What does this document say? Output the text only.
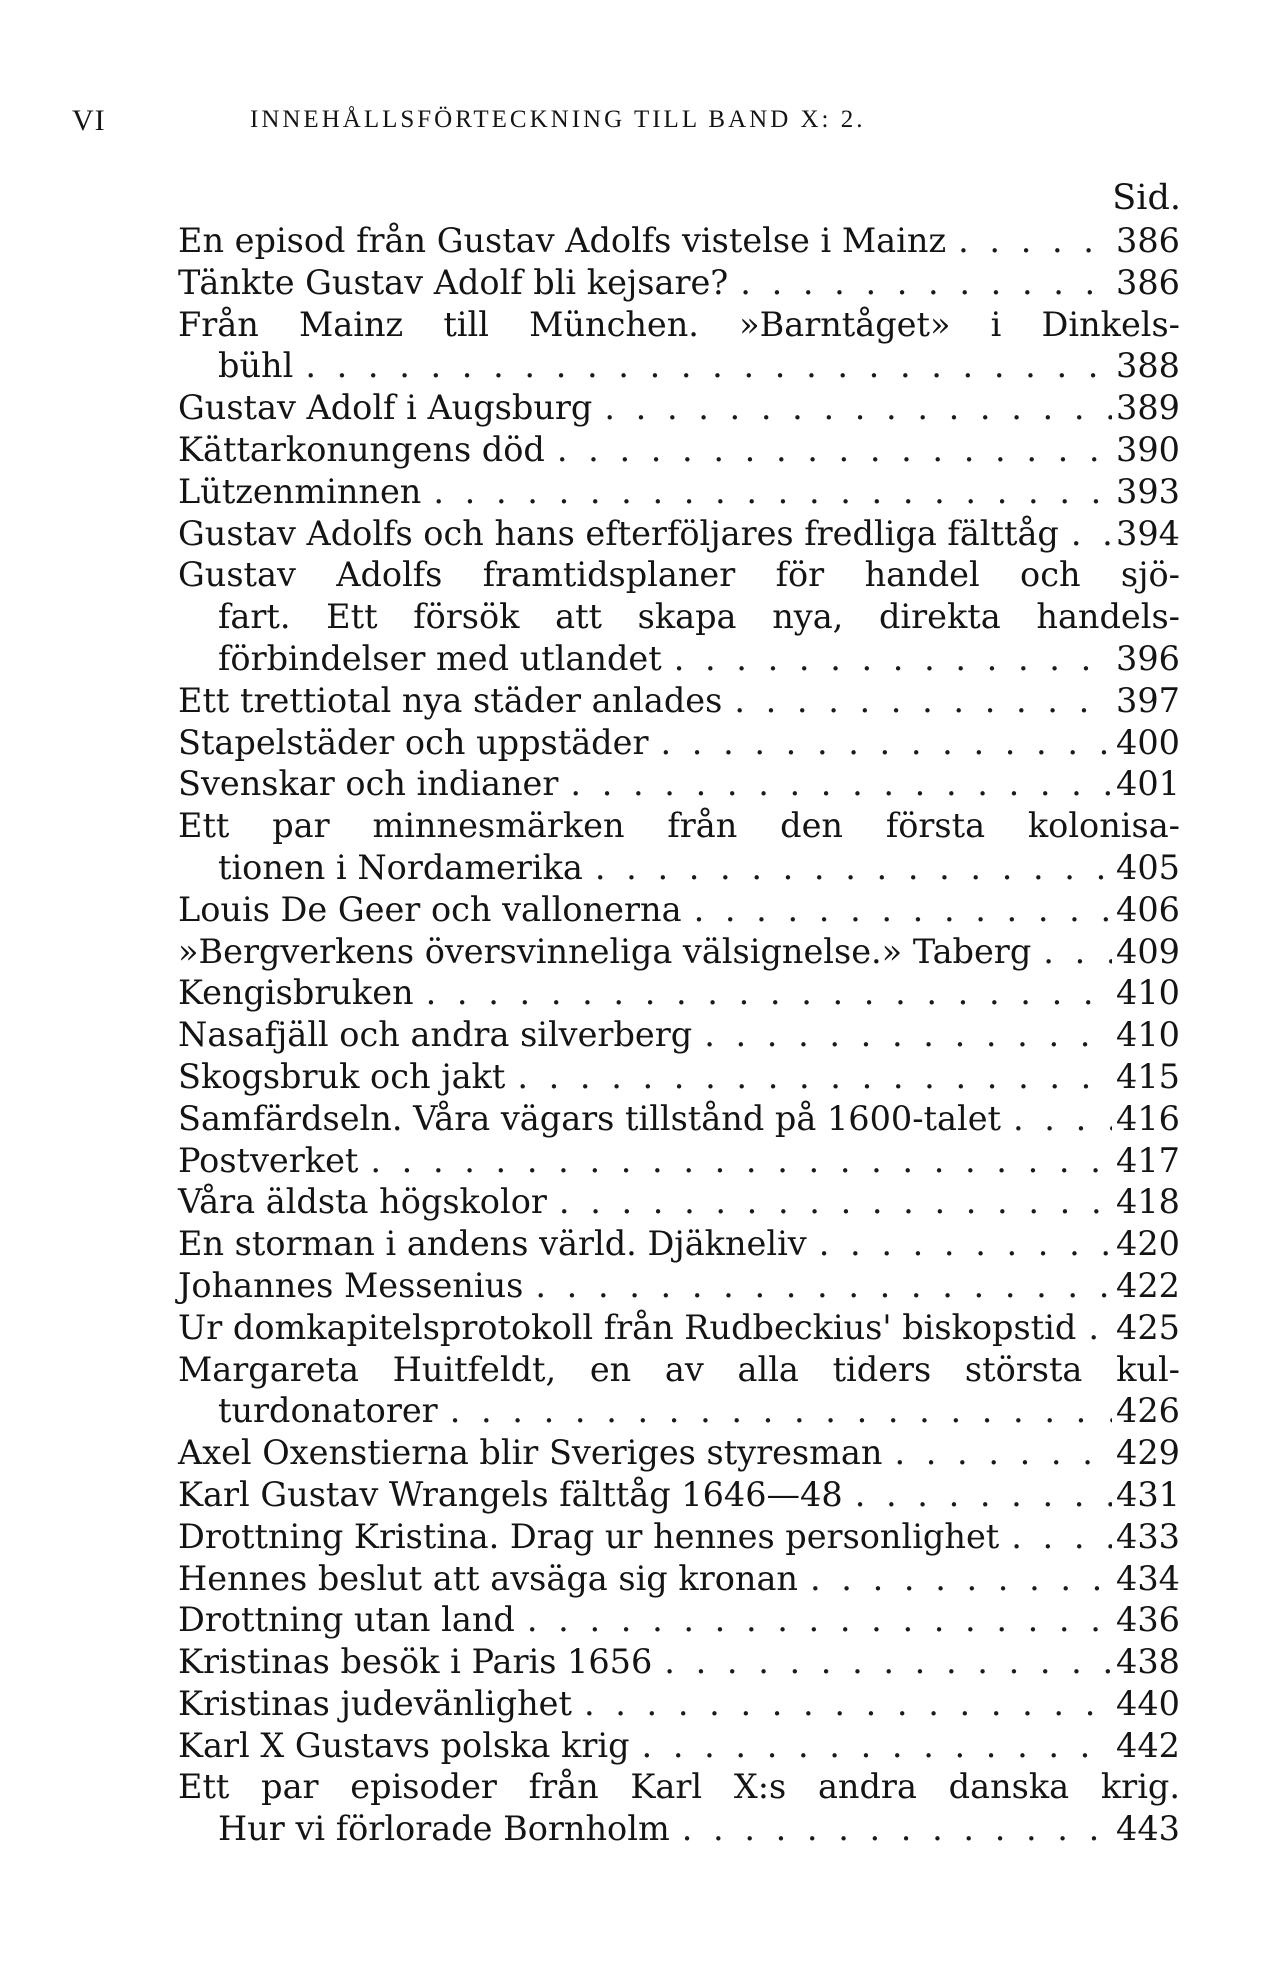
VI	INNEHÅLLSFÖRTECKNING TILL BAND X: 2.
Sid.
En episod från Gustav Adolfs vistelse i Mainz . . .	386
Tänkte Gustav Adolf bli kejsare? . . .	386
Från Mainz till München. »Barntåget» i Dinkels-
bühl . . .	388
Gustav Adolf i Augsburg . . .	389
Kättarkonungens död . . .	390
Lützenminnen . . .	393
Gustav Adolfs och hans efterföljares fredliga fälttåg . . . 394
Gustav Adolfs framtidsplaner för handel och sjö-
fart. Ett försök att skapa nya, direkta handels-
förbindelser med utlandet . . .	396
Ett trettiotal nya städer anlades . . .	397
Stapelstäder och uppstäder . . .	400
Svenskar och indianer . . .	401
Ett par minnesmärken från den första kolonisa-
tionen i Nordamerika . . .	405
Louis De Geer och vallonerna . . .	406
»Bergverkens översvinneliga välsignelse.» Taberg . . .	409
Kengisbruken . . .	410
Nasafjäll och andra silverberg . . .	410
Skogsbruk och jakt . . .	415
Samfärdseln. Våra vägars tillstånd på 1600-talet . . .	416
Postverket . . .	417
Våra äldsta högskolor . . .	418
En storman i andens värld. Djäkneliv . . .	420
Johannes Messenius . . .	422
Ur domkapitelsprotokoll från Rudbeckius' biskopstid . . . 425
Margareta Huitfeldt, en av alla tiders största kul-
turdonatorer . . .	426
Axel Oxenstierna blir Sveriges styresman . . .	429
Karl Gustav Wrangels fälttåg 1646—48 . . .	431
Drottning Kristina. Drag ur hennes personlighet . . .	433
Hennes beslut att avsäga sig kronan . . .	434
Drottning utan land . . .	436
Kristinas besök i Paris 1656 . . .	438
Kristinas judevänlighet . . .	440
Karl X Gustavs polska krig . . .	442
Ett par episoder från Karl X:s andra danska krig.
Hur vi förlorade Bornholm . . .	443
